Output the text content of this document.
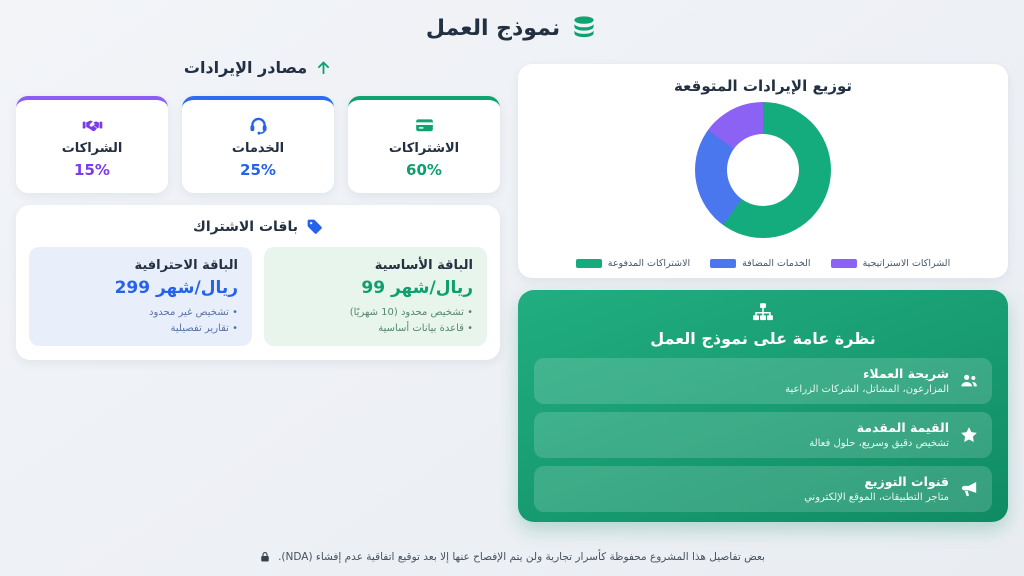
نموذج العمل
توزيع الإيرادات المتوقعة
الشراكات الاستراتيجية
الخدمات المضافة
الاشتراكات المدفوعة
مصادر الإيرادات
الاشتراكات
60%
الخدمات
25%
الشراكات
15%
باقات الاشتراك
الباقة الأساسية
99 ريال/شهر
• تشخيص محدود (10 شهريًا)
• قاعدة بيانات أساسية
الباقة الاحترافية
299 ريال/شهر
• تشخيص غير محدود
• تقارير تفصيلية
نظرة عامة على نموذج العمل
شريحة العملاء
المزارعون، المشاتل، الشركات الزراعية
القيمة المقدمة
تشخيص دقيق وسريع، حلول فعالة
قنوات التوزيع
متاجر التطبيقات، الموقع الإلكتروني
بعض تفاصيل هذا المشروع محفوظة كأسرار تجارية ولن يتم الإفصاح عنها إلا بعد توقيع اتفاقية عدم إفشاء (NDA).
